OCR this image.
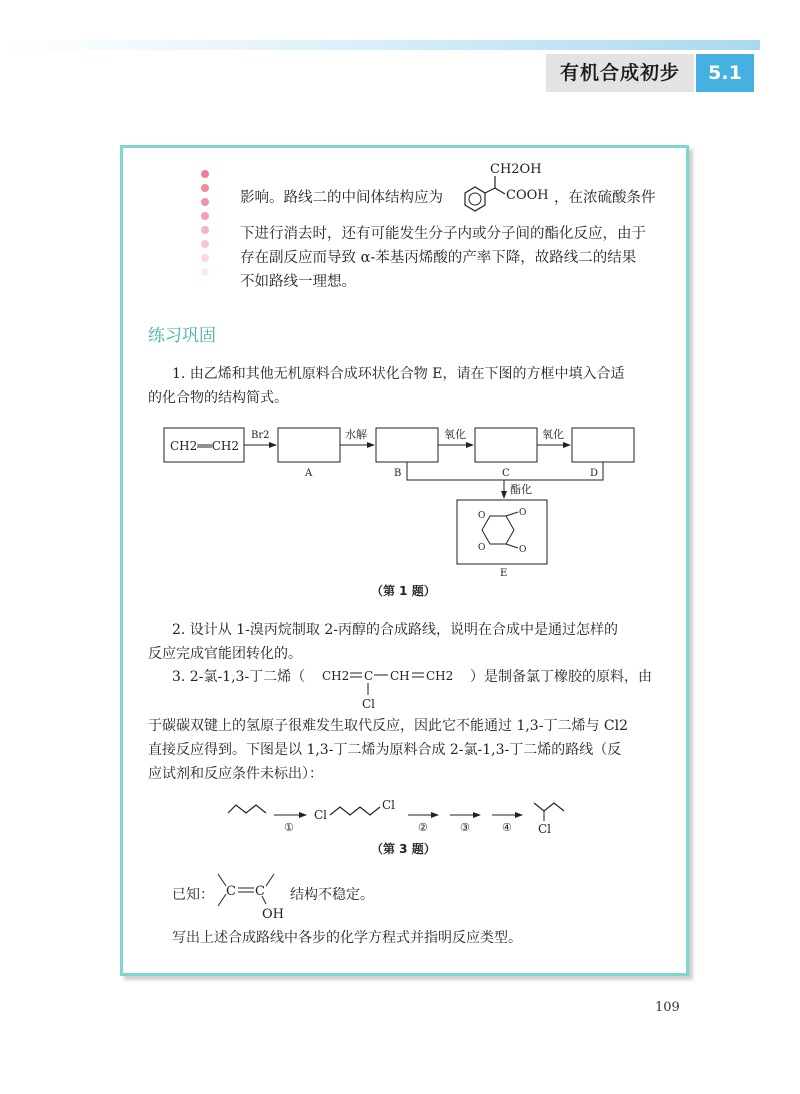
有机合成初步	5.1
影响。路线二的中间体结构应为
CH2OH
COOH ，在浓硫酸条件
下进行消去时，还有可能发生分子内或分子间的酯化反应，由于
存在副反应而导致 α-苯基丙烯酸的产率下降，故路线二的结果
不如路线一理想。
练习巩固
1. 由乙烯和其他无机原料合成环状化合物 E，请在下图的方框中填入合适
的化合物的结构简式。
CH2══CH2
Br2
A
水解
B
氧化
C
氧化
D
酯化
E
O
O
O
O
（第 1 题）
2. 设计从 1-溴丙烷制取 2-丙醇的合成路线，说明在合成中是通过怎样的
反应完成官能团转化的。
3. 2-氯-1,3-丁二烯（ CH2 C CH CH2
Cl
）是制备氯丁橡胶的原料，由
于碳碳双键上的氢原子很难发生取代反应，因此它不能通过 1,3-丁二烯与 Cl2
直接反应得到。下图是以 1,3-丁二烯为原料合成 2-氯-1,3-丁二烯的路线（反
应试剂和反应条件未标出）：
①
Cl
Cl
②	③	④ Cl
（第 3 题）
已知： C C
OH
结构不稳定。
写出上述合成路线中各步的化学方程式并指明反应类型。
109
